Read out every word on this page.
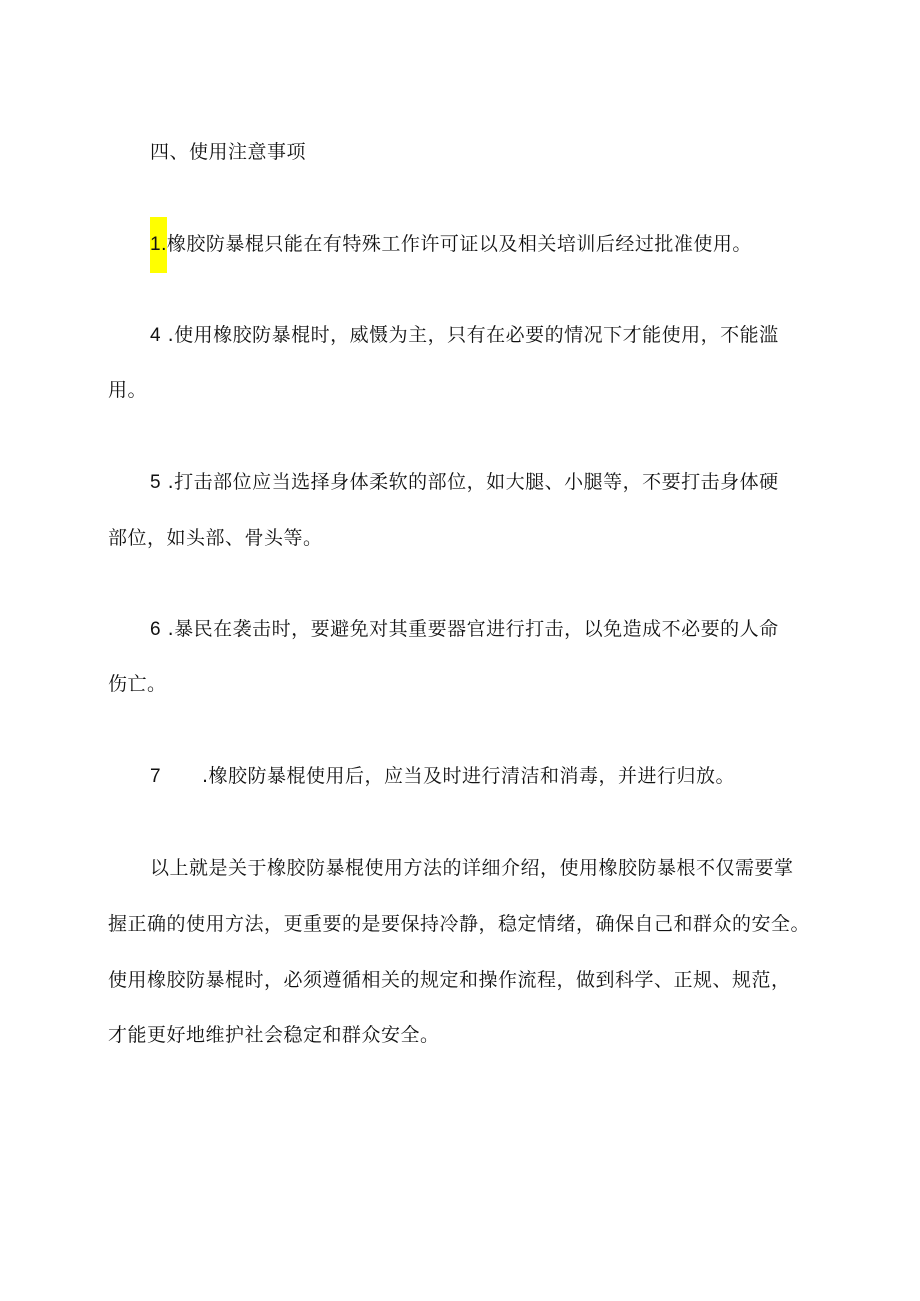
四、使用注意事项
1.橡胶防暴棍只能在有特殊工作许可证以及相关培训后经过批准使用。
4 .使用橡胶防暴棍时，威慑为主，只有在必要的情况下才能使用，不能滥
用。
5 .打击部位应当选择身体柔软的部位，如大腿、小腿等，不要打击身体硬
部位，如头部、骨头等。
6 .暴民在袭击时，要避免对其重要器官进行打击，以免造成不必要的人命
伤亡。
7 .橡胶防暴棍使用后，应当及时进行清洁和消毒，并进行归放。
以上就是关于橡胶防暴棍使用方法的详细介绍，使用橡胶防暴根不仅需要掌
握正确的使用方法，更重要的是要保持冷静，稳定情绪，确保自己和群众的安全。
使用橡胶防暴棍时，必须遵循相关的规定和操作流程，做到科学、正规、规范，
才能更好地维护社会稳定和群众安全。
